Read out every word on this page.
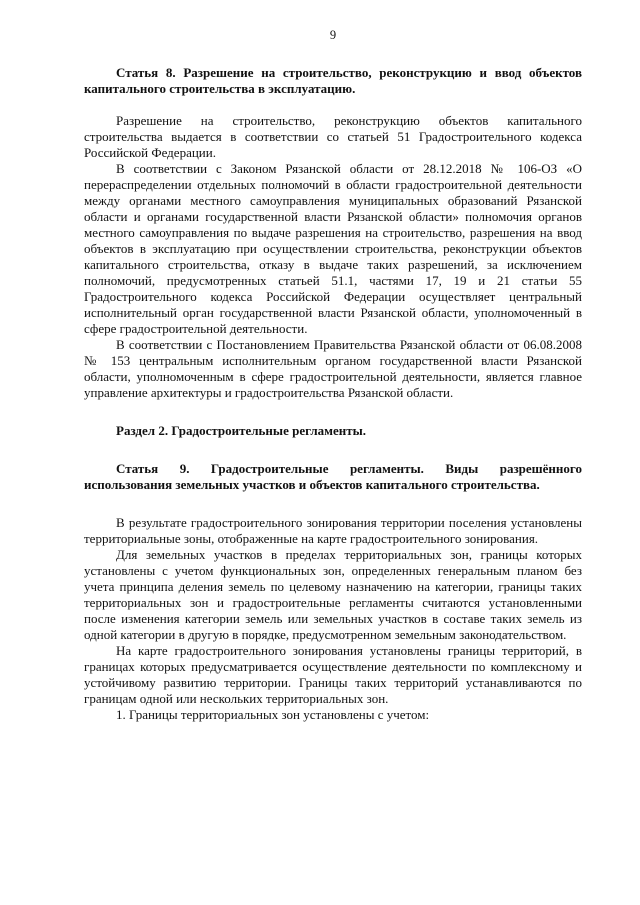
9

Статья 8. Разрешение на строительство, реконструкцию и ввод объектов капитального строительства в эксплуатацию.

Разрешение на строительство, реконструкцию объектов капитального строительства выдается в соответствии со статьей 51 Градостроительного кодекса Российской Федерации.

В соответствии с Законом Рязанской области от 28.12.2018 № 106-ОЗ «О перераспределении отдельных полномочий в области градостроительной деятельности между органами местного самоуправления муниципальных образований Рязанской области и органами государственной власти Рязанской области» полномочия органов местного самоуправления по выдаче разрешения на строительство, разрешения на ввод объектов в эксплуатацию при осуществлении строительства, реконструкции объектов капитального строительства, отказу в выдаче таких разрешений, за исключением полномочий, предусмотренных статьей 51.1, частями 17, 19 и 21 статьи 55 Градостроительного кодекса Российской Федерации осуществляет центральный исполнительный орган государственной власти Рязанской области, уполномоченный в сфере градостроительной деятельности.

В соответствии с Постановлением Правительства Рязанской области от 06.08.2008 № 153 центральным исполнительным органом государственной власти Рязанской области, уполномоченным в сфере градостроительной деятельности, является главное управление архитектуры и градостроительства Рязанской области.

Раздел 2. Градостроительные регламенты.

Статья 9. Градостроительные регламенты. Виды разрешённого использования земельных участков и объектов капитального строительства.

В результате градостроительного зонирования территории поселения установлены территориальные зоны, отображенные на карте градостроительного зонирования.

Для земельных участков в пределах территориальных зон, границы которых установлены с учетом функциональных зон, определенных генеральным планом без учета принципа деления земель по целевому назначению на категории, границы таких территориальных зон и градостроительные регламенты считаются установленными после изменения категории земель или земельных участков в составе таких земель из одной категории в другую в порядке, предусмотренном земельным законодательством.

На карте градостроительного зонирования установлены границы территорий, в границах которых предусматривается осуществление деятельности по комплексному и устойчивому развитию территории. Границы таких территорий устанавливаются по границам одной или нескольких территориальных зон.

1. Границы территориальных зон установлены с учетом:
